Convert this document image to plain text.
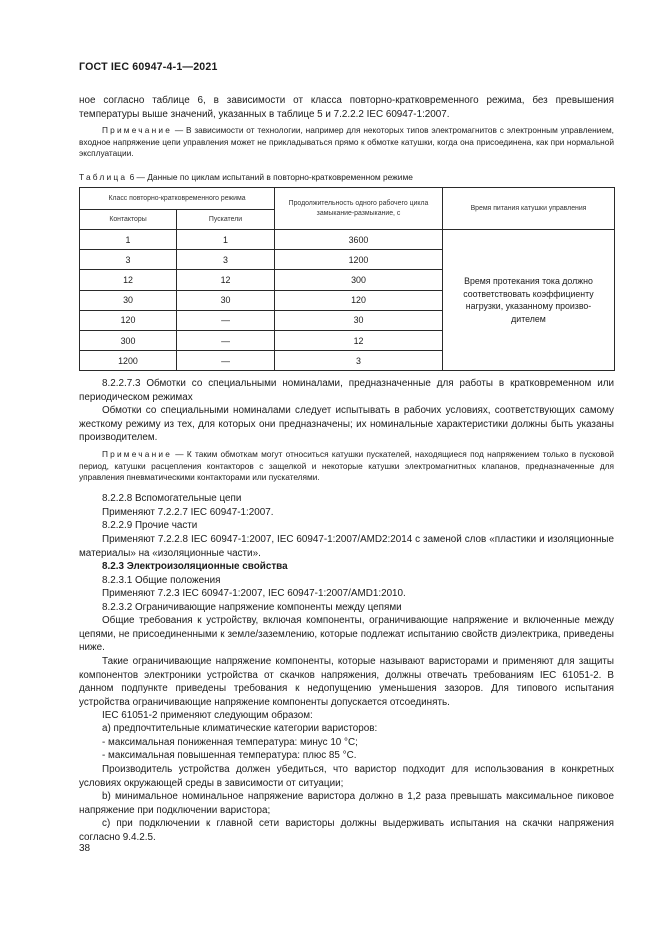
ГОСТ IEC 60947-4-1—2021
ное согласно таблице 6, в зависимости от класса повторно-кратковременного режима, без превышения температуры выше значений, указанных в таблице 5 и 7.2.2.2 IEC 60947-1:2007.
Примечание — В зависимости от технологии, например для некоторых типов электромагнитов с электронным управлением, входное напряжение цепи управления может не прикладываться прямо к обмотке катушки, когда она присоединена, как при нормальной эксплуатации.
Таблица 6 — Данные по циклам испытаний в повторно-кратковременном режиме
Класс повторно-кратковременного режима		Продолжительность одного рабочего цикла замыкание-размыкание, с	Время питания катушки управления
Контакторы	Пускатели		
1	1	3600	Время протекания тока должно соответствовать коэффициенту нагрузки, указанному произво-дителем
3	3	1200	
12	12	300	
30	30	120	
120	—	30	
300	—	12	
1200	—	3	
8.2.2.7.3 Обмотки со специальными номиналами, предназначенные для работы в кратковременном или периодическом режимах
Обмотки со специальными номиналами следует испытывать в рабочих условиях, соответствующих самому жесткому режиму из тех, для которых они предназначены; их номинальные характеристики должны быть указаны производителем.
Примечание — К таким обмоткам могут относиться катушки пускателей, находящиеся под напряжением только в пусковой период, катушки расцепления контакторов с защелкой и некоторые катушки электромагнитных клапанов, предназначенные для управления пневматическими контакторами или пускателями.
8.2.2.8 Вспомогательные цепи
Применяют 7.2.2.7 IEC 60947-1:2007.
8.2.2.9 Прочие части
Применяют 7.2.2.8 IEC 60947-1:2007, IEC 60947-1:2007/AMD2:2014 с заменой слов «пластики и изоляционные материалы» на «изоляционные части».
8.2.3 Электроизоляционные свойства
8.2.3.1 Общие положения
Применяют 7.2.3 IEC 60947-1:2007, IEC 60947-1:2007/AMD1:2010.
8.2.3.2 Ограничивающие напряжение компоненты между цепями
Общие требования к устройству, включая компоненты, ограничивающие напряжение и включенные между цепями, не присоединенными к земле/заземлению, которые подлежат испытанию свойств диэлектрика, приведены ниже.
Такие ограничивающие напряжение компоненты, которые называют варисторами и применяют для защиты компонентов электроники устройства от скачков напряжения, должны отвечать требованиям IEC 61051-2. В данном подпункте приведены требования к недопущению уменьшения зазоров. Для типового испытания устройства ограничивающие напряжение компоненты допускается отсоединять.
IEC 61051-2 применяют следующим образом:
a) предпочтительные климатические категории варисторов:
- максимальная пониженная температура: минус 10 °C;
- максимальная повышенная температура: плюс 85 °C.
Производитель устройства должен убедиться, что варистор подходит для использования в конкретных условиях окружающей среды в зависимости от ситуации;
b) минимальное номинальное напряжение варистора должно в 1,2 раза превышать максимальное пиковое напряжение при подключении варистора;
c) при подключении к главной сети варисторы должны выдерживать испытания на скачки напряжения согласно 9.4.2.5.
38
